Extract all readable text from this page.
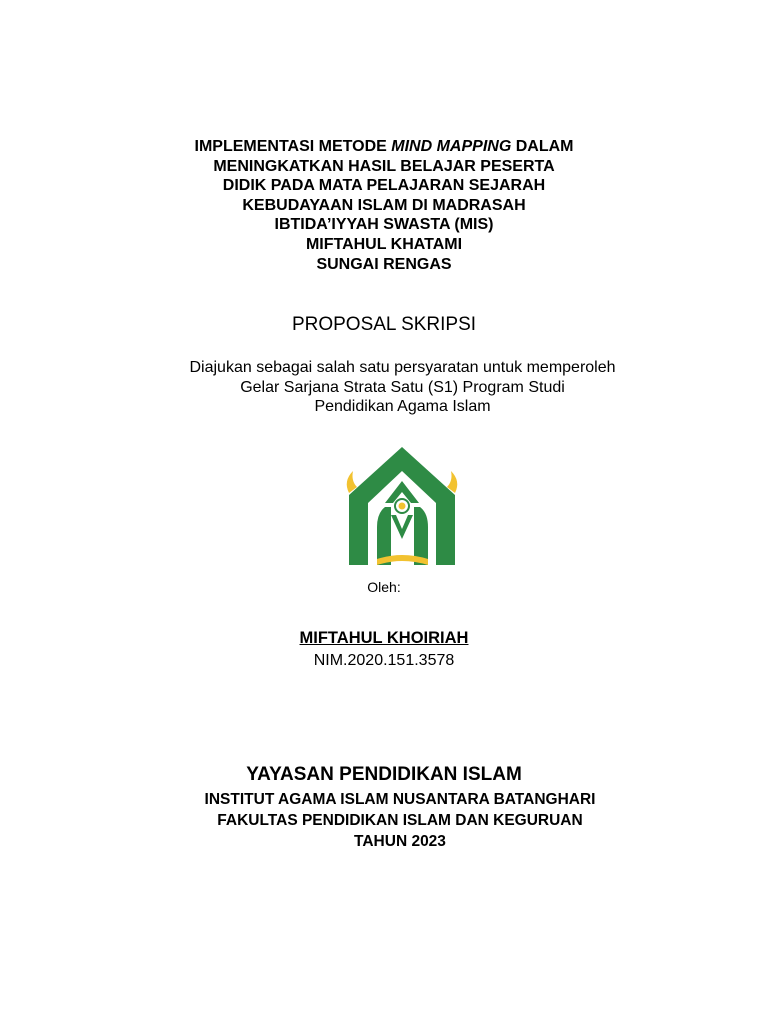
IMPLEMENTASI METODE MIND MAPPING DALAM
MENINGKATKAN HASIL BELAJAR PESERTA
DIDIK PADA MATA PELAJARAN SEJARAH
KEBUDAYAAN ISLAM DI MADRASAH
IBTIDA’IYYAH SWASTA (MIS)
MIFTAHUL KHATAMI
SUNGAI RENGAS
PROPOSAL SKRIPSI
Diajukan sebagai salah satu persyaratan untuk memperoleh
Gelar Sarjana Strata Satu (S1) Program Studi
Pendidikan Agama Islam
Oleh:
MIFTAHUL KHOIRIAH
NIM.2020.151.3578
YAYASAN PENDIDIKAN ISLAM
INSTITUT AGAMA ISLAM NUSANTARA BATANGHARI
FAKULTAS PENDIDIKAN ISLAM DAN KEGURUAN
TAHUN 2023
